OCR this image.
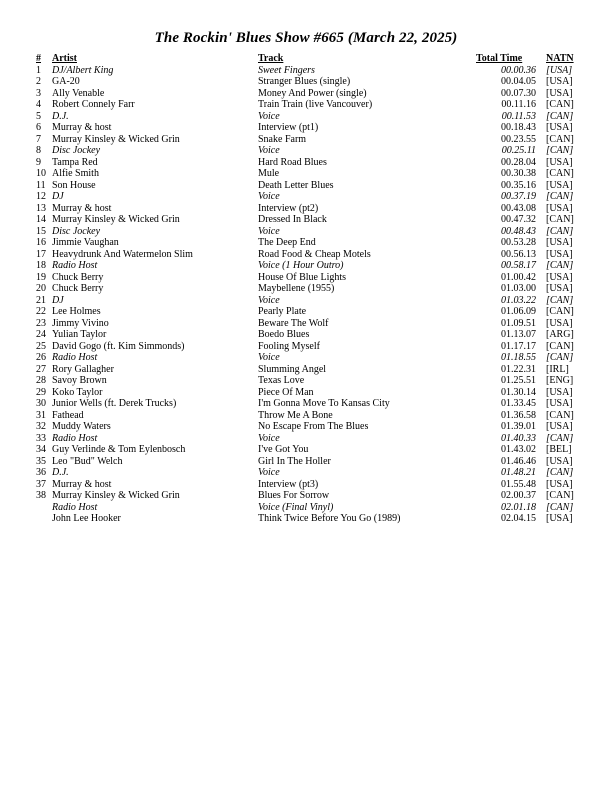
The Rockin' Blues Show #665 (March 22, 2025)
#	Artist	Track	Total Time	NATN
1	DJ/Albert King	Sweet Fingers	00.00.36	[USA]
2	GA-20	Stranger Blues (single)	00.04.05	[USA]
3	Ally Venable	Money And Power (single)	00.07.30	[USA]
4	Robert Connely Farr	Train Train (live Vancouver)	00.11.16	[CAN]
5	D.J.	Voice	00.11.53	[CAN]
6	Murray & host	Interview (pt1)	00.18.43	[USA]
7	Murray Kinsley & Wicked Grin	Snake Farm	00.23.55	[CAN]
8	Disc Jockey	Voice	00.25.11	[CAN]
9	Tampa Red	Hard Road Blues	00.28.04	[USA]
10	Alfie Smith	Mule	00.30.38	[CAN]
11	Son House	Death Letter Blues	00.35.16	[USA]
12	DJ	Voice	00.37.19	[CAN]
13	Murray & host	Interview (pt2)	00.43.08	[USA]
14	Murray Kinsley & Wicked Grin	Dressed In Black	00.47.32	[CAN]
15	Disc Jockey	Voice	00.48.43	[CAN]
16	Jimmie Vaughan	The Deep End	00.53.28	[USA]
17	Heavydrunk And Watermelon Slim	Road Food & Cheap Motels	00.56.13	[USA]
18	Radio Host	Voice (1 Hour Outro)	00.58.17	[CAN]
19	Chuck Berry	House Of Blue Lights	01.00.42	[USA]
20	Chuck Berry	Maybellene (1955)	01.03.00	[USA]
21	DJ	Voice	01.03.22	[CAN]
22	Lee Holmes	Pearly Plate	01.06.09	[CAN]
23	Jimmy Vivino	Beware The Wolf	01.09.51	[USA]
24	Yulian Taylor	Boedo Blues	01.13.07	[ARG]
25	David Gogo (ft. Kim Simmonds)	Fooling Myself	01.17.17	[CAN]
26	Radio Host	Voice	01.18.55	[CAN]
27	Rory Gallagher	Slumming Angel	01.22.31	[IRL]
28	Savoy Brown	Texas Love	01.25.51	[ENG]
29	Koko Taylor	Piece Of Man	01.30.14	[USA]
30	Junior Wells (ft. Derek Trucks)	I'm Gonna Move To Kansas City	01.33.45	[USA]
31	Fathead	Throw Me A Bone	01.36.58	[CAN]
32	Muddy Waters	No Escape From The Blues	01.39.01	[USA]
33	Radio Host	Voice	01.40.33	[CAN]
34	Guy Verlinde & Tom Eylenbosch	I've Got You	01.43.02	[BEL]
35	Leo "Bud" Welch	Girl In The Holler	01.46.46	[USA]
36	D.J.	Voice	01.48.21	[CAN]
37	Murray & host	Interview (pt3)	01.55.48	[USA]
38	Murray Kinsley & Wicked Grin	Blues For Sorrow	02.00.37	[CAN]
	Radio Host	Voice (Final Vinyl)	02.01.18	[CAN]
	John Lee Hooker	Think Twice Before You Go (1989)	02.04.15	[USA]
